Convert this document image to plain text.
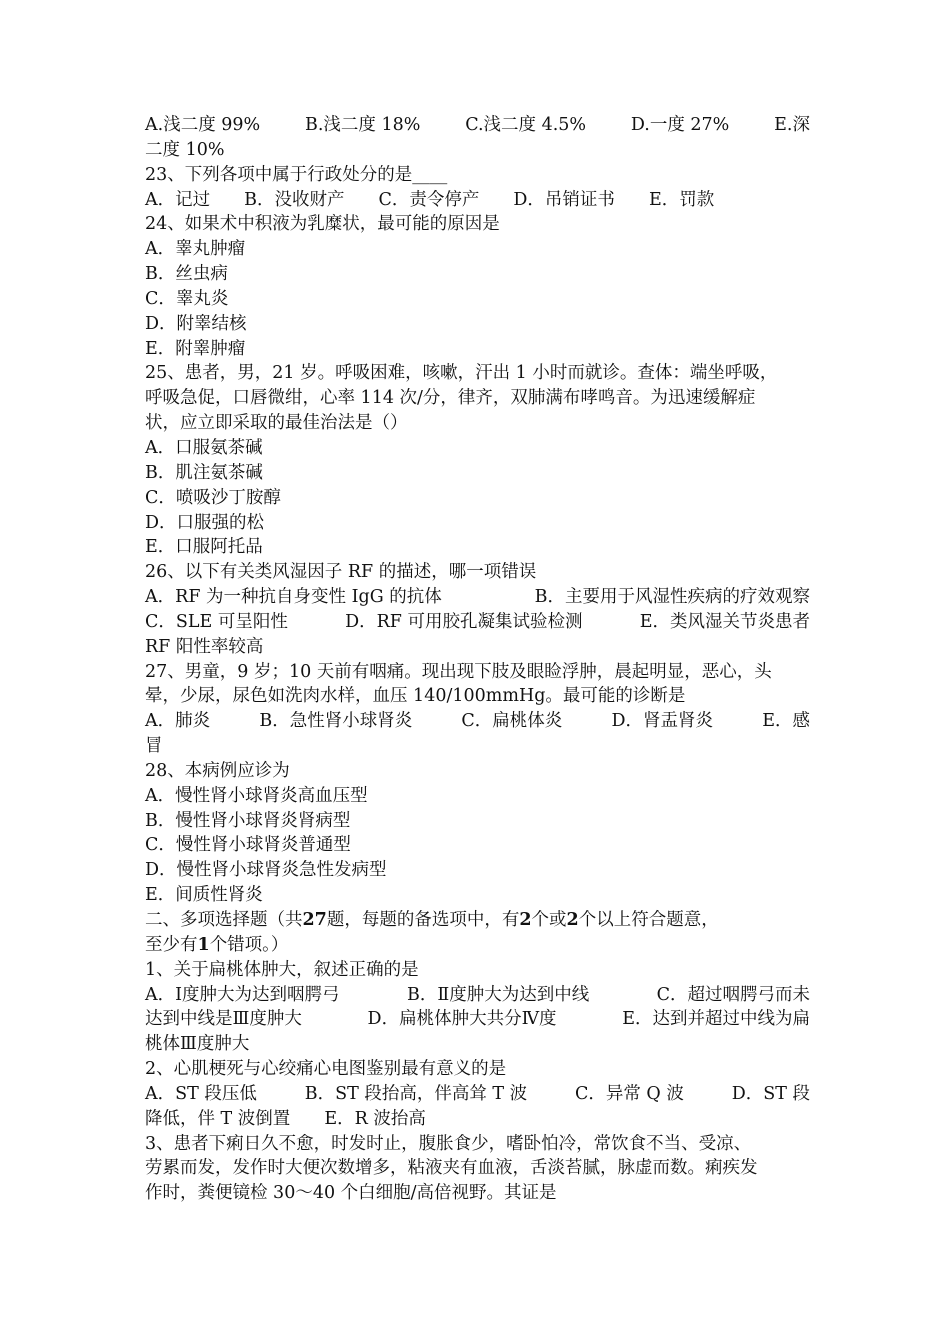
A.浅二度 99%	B.浅二度 18%	C.浅二度 4.5%	D.一度 27%	E.深
二度 10%
23、下列各项中属于行政处分的是____
A．记过 B．没收财产 C．责令停产 D．吊销证书 E．罚款
24、如果术中积液为乳糜状，最可能的原因是
A．睾丸肿瘤
B．丝虫病
C．睾丸炎
D．附睾结核
E．附睾肿瘤
25、患者，男，21 岁。呼吸困难，咳嗽，汗出 1 小时而就诊。查体：端坐呼吸，
呼吸急促，口唇微绀，心率 114 次/分，律齐，双肺满布哮鸣音。为迅速缓解症
状，应立即采取的最佳治法是（）
A．口服氨茶碱
B．肌注氨茶碱
C．喷吸沙丁胺醇
D．口服强的松
E．口服阿托品
26、以下有关类风湿因子 RF 的描述，哪一项错误
A．RF 为一种抗自身变性 IgG 的抗体	B．主要用于风湿性疾病的疗效观察
C．SLE 可呈阳性	D．RF 可用胶孔凝集试验检测	E．类风湿关节炎患者
RF 阳性率较高
27、男童，9 岁；10 天前有咽痛。现出现下肢及眼睑浮肿，晨起明显，恶心，头
晕，少尿，尿色如洗肉水样，血压 140/100mmHg。最可能的诊断是
A．肺炎	B．急性肾小球肾炎	C．扁桃体炎	D．肾盂肾炎	E．感
冒
28、本病例应诊为
A．慢性肾小球肾炎高血压型
B．慢性肾小球肾炎肾病型
C．慢性肾小球肾炎普通型
D．慢性肾小球肾炎急性发病型
E．间质性肾炎
二、多项选择题（共 27 题，每题的备选项中，有 2 个或 2 个以上符合题意，
至少有 1 个错项。）
1、关于扁桃体肿大，叙述正确的是
A．Ⅰ度肿大为达到咽腭弓	B．Ⅱ度肿大为达到中线	C．超过咽腭弓而未
达到中线是Ⅲ度肿大	D．扁桃体肿大共分Ⅳ度	E．达到并超过中线为扁
桃体Ⅲ度肿大
2、心肌梗死与心绞痛心电图鉴别最有意义的是
A．ST 段压低	B．ST 段抬高，伴高耸 T 波	C．异常 Q 波	D．ST 段
降低，伴 T 波倒置 E．R 波抬高
3、患者下痢日久不愈，时发时止，腹胀食少，嗜卧怕冷，常饮食不当、受凉、
劳累而发，发作时大便次数增多，粘液夹有血液，舌淡苔腻，脉虚而数。痢疾发
作时，粪便镜检 30～40 个白细胞/高倍视野。其证是
